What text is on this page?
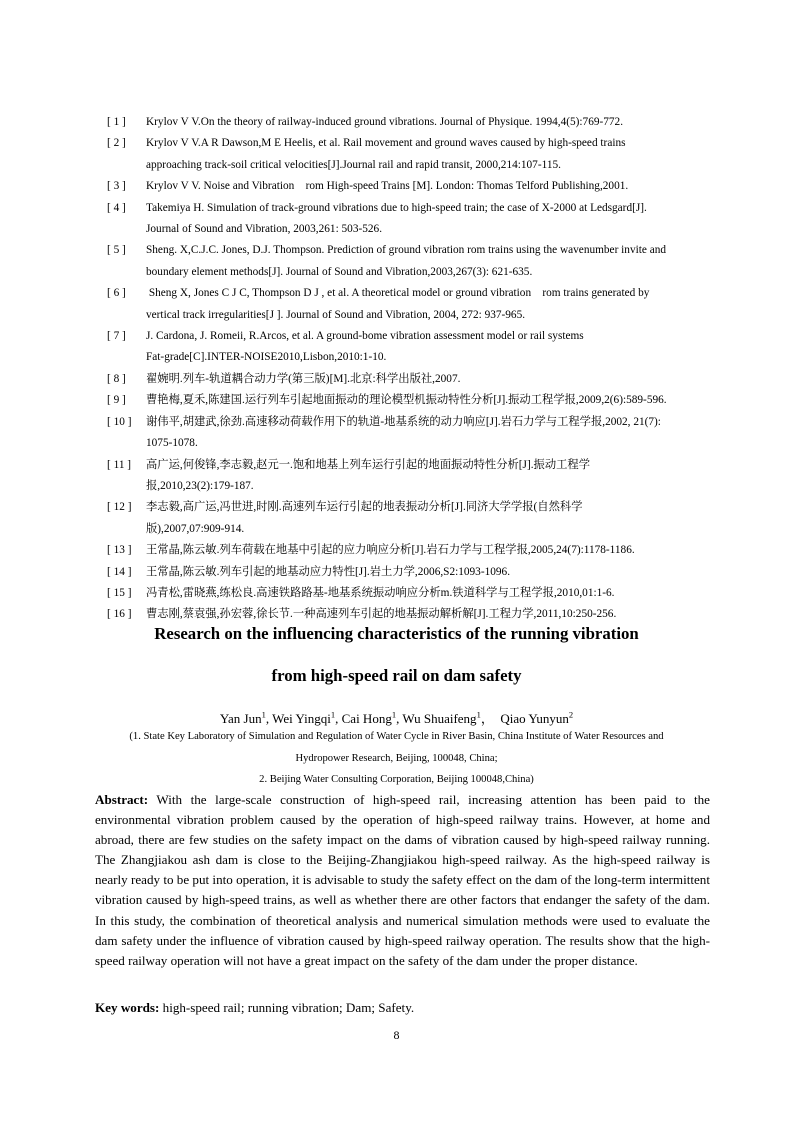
[ 1 ] Krylov V V.On the theory of railway-induced ground vibrations. Journal of Physique. 1994,4(5):769-772.
[ 2 ] Krylov V V.A R Dawson,M E Heelis, et al. Rail movement and ground waves caused by high-speed trains
approaching track-soil critical velocities[J].Journal rail and rapid transit, 2000,214:107-115.
[ 3 ] Krylov V V. Noise and Vibration    rom High-speed Trains [M]. London: Thomas Telford Publishing,2001.
[ 4 ] Takemiya H. Simulation of track-ground vibrations due to high-speed train; the case of X-2000 at Ledsgard[J].
Journal of Sound and Vibration, 2003,261: 503-526.
[ 5 ] Sheng. X,C.J.C. Jones, D.J. Thompson. Prediction of ground vibration rom trains using the wavenumber invite and
boundary element methods[J]. Journal of Sound and Vibration,2003,267(3): 621-635.
[ 6 ] Sheng X, Jones C J C, Thompson D J , et al. A theoretical model or ground vibration    rom trains generated by
vertical track irregularities[J ]. Journal of Sound and Vibration, 2004, 272: 937-965.
[ 7 ] J. Cardona, J. Romeii, R.Arcos, et al. A ground-bome vibration assessment model or rail systems
Fat-grade[C].INTER-NOISE2010,Lisbon,2010:1-10.
[ 8 ] 翟婉明.列车-轨道耦合动力学(第三版)[M].北京:科学出版社,2007.
[ 9 ] 曹艳梅,夏禾,陈建国.运行列车引起地面振动的理论模型机振动特性分析[J].振动工程学报,2009,2(6):589-596.
[ 10 ] 谢伟平,胡建武,徐劲.高速移动荷载作用下的轨道-地基系统的动力响应[J].岩石力学与工程学报,2002, 21(7):
1075-1078.
[ 11 ] 高广运,何俊锋,李志毅,赵元一.饱和地基上列车运行引起的地面振动特性分析[J].振动工程学
报,2010,23(2):179-187.
[ 12 ] 李志毅,高广运,冯世进,时刚.高速列车运行引起的地表振动分析[J].同济大学学报(自然科学
版),2007,07:909-914.
[ 13 ] 王常晶,陈云敏.列车荷载在地基中引起的应力响应分析[J].岩石力学与工程学报,2005,24(7):1178-1186.
[ 14 ] 王常晶,陈云敏.列车引起的地基动应力特性[J].岩土力学,2006,S2:1093-1096.
[ 15 ] 冯青松,雷晓燕,练松良.高速铁路路基-地基系统振动响应分析m.铁道科学与工程学报,2010,01:1-6.
[ 16 ] 曹志刚,蔡袁强,孙宏蓉,徐长节.一种高速列车引起的地基振动解析解[J].工程力学,2011,10:250-256.
Research on the influencing characteristics of the running vibration
from high-speed rail on dam safety
Yan Jun$^1$, Wei Yingqi$^1$, Cai Hong$^1$, Wu Shuaifeng$^1$，  Qiao Yunyun$^2$
(1. State Key Laboratory of Simulation and Regulation of Water Cycle in River Basin, China Institute of Water Resources and
Hydropower Research, Beijing, 100048, China;
2. Beijing Water Consulting Corporation, Beijing 100048,China)
Abstract: With the large-scale construction of high-speed rail, increasing attention has been paid to the environmental vibration problem caused by the operation of high-speed railway trains. However, at home and abroad, there are few studies on the safety impact on the dams of vibration caused by high-speed railway running. The Zhangjiakou ash dam is close to the Beijing-Zhangjiakou high-speed railway. As the high-speed railway is nearly ready to be put into operation, it is advisable to study the safety effect on the dam of the long-term intermittent vibration caused by high-speed trains, as well as whether there are other factors that endanger the safety of the dam. In this study, the combination of theoretical analysis and numerical simulation methods were used to evaluate the dam safety under the influence of vibration caused by high-speed railway operation. The results show that the high-speed railway operation will not have a great impact on the safety of the dam under the proper distance.
Key words: high-speed rail; running vibration; Dam; Safety.
8
